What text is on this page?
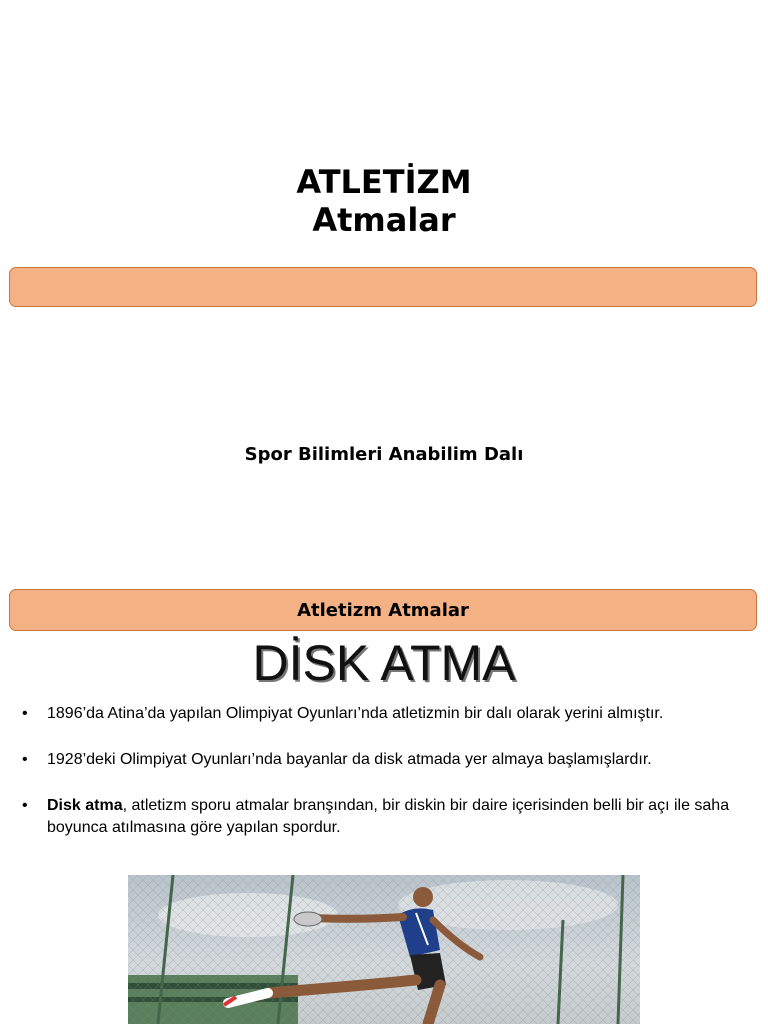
ATLETİZM
Atmalar
Spor Bilimleri Anabilim Dalı
Atletizm Atmalar
DİSK ATMA
•	1896’da Atina’da yapılan Olimpiyat Oyunları’nda atletizmin bir dalı olarak yerini almıştır.
•	1928’deki Olimpiyat Oyunları’nda bayanlar da disk atmada yer almaya başlamışlardır.
•	Disk atma, atletizm sporu atmalar branşından, bir diskin bir daire içerisinden belli bir açı ile saha boyunca atılmasına göre yapılan spordur.
